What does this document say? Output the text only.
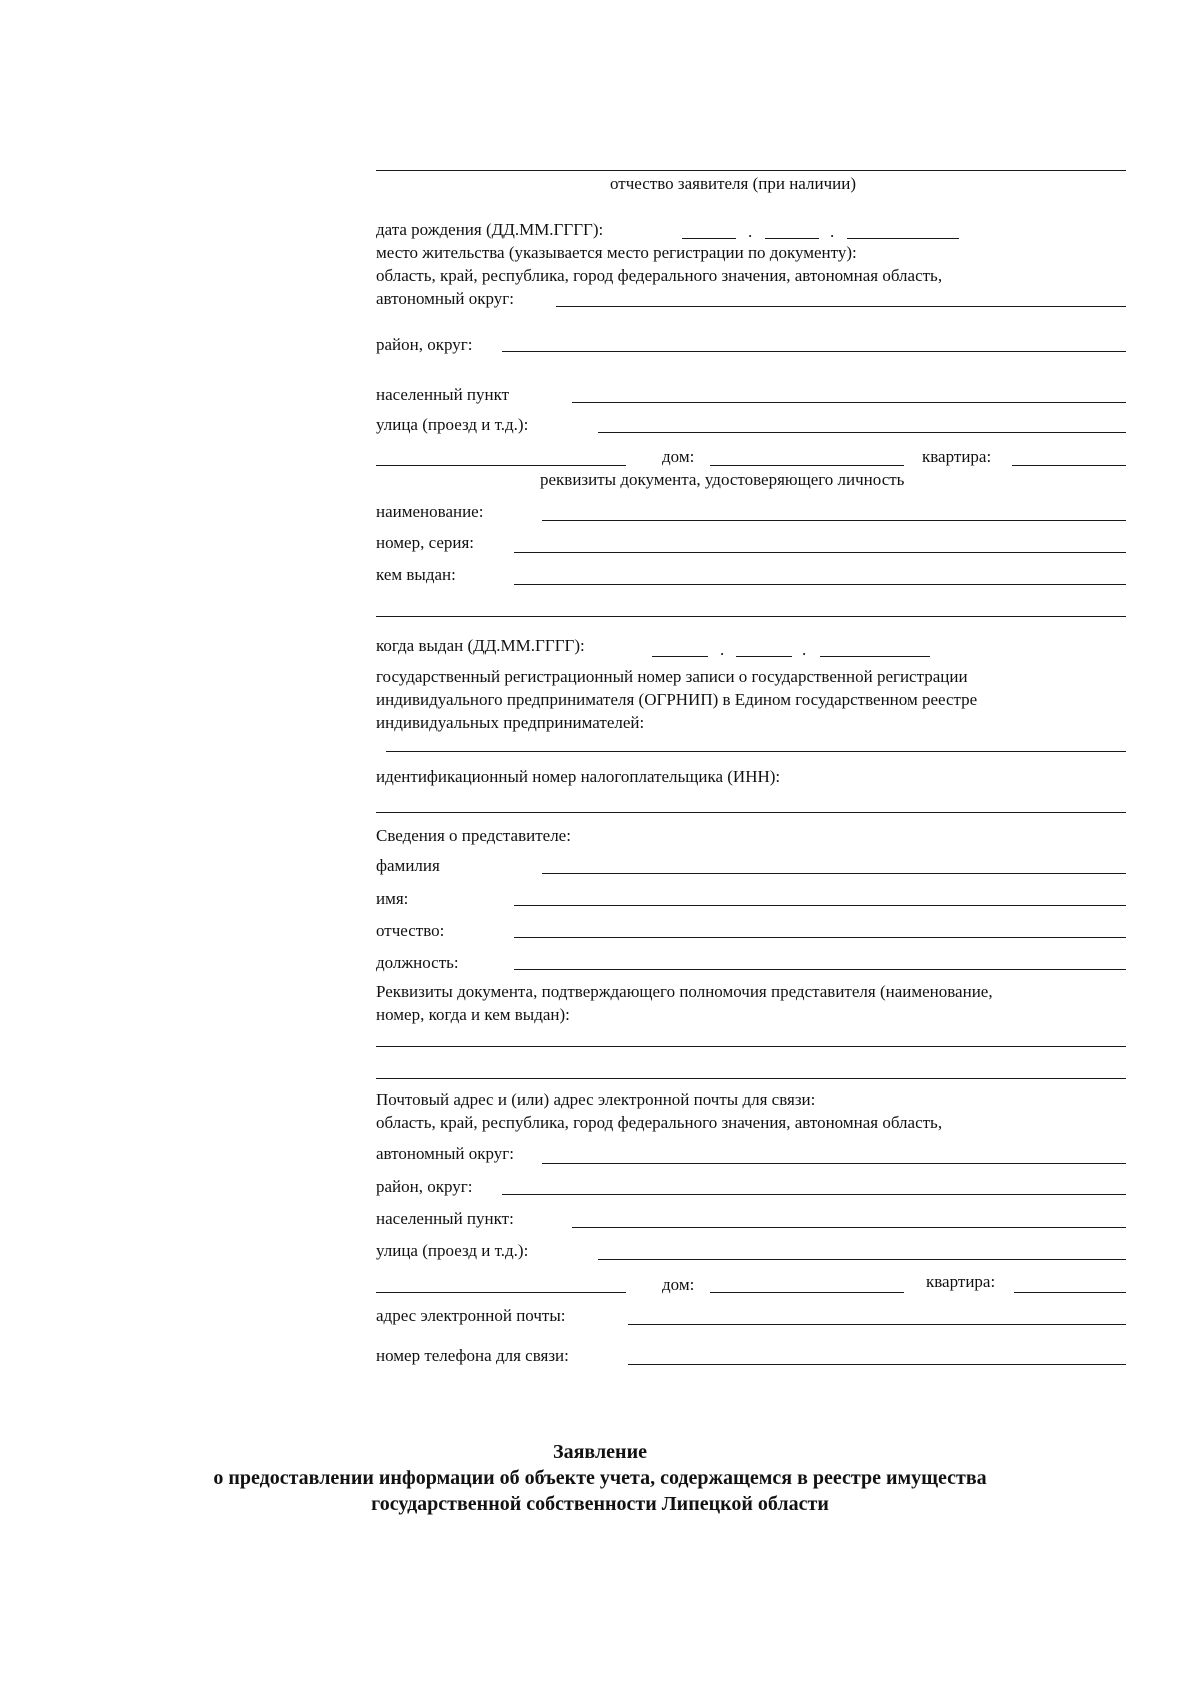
отчество заявителя (при наличии)
дата рождения (ДД.ММ.ГГГГ):	.	.
место жительства (указывается место регистрации по документу):
область, край, республика, город федерального значения, автономная область,
автономный округ:
район, округ:
населенный пункт
улица (проезд и т.д.):
дом:	квартира:
реквизиты документа, удостоверяющего личность
наименование:
номер, серия:
кем выдан:
когда выдан (ДД.ММ.ГГГГ):	.	.
государственный регистрационный номер записи о государственной регистрации
индивидуального предпринимателя (ОГРНИП) в Едином государственном реестре
индивидуальных предпринимателей:
идентификационный номер налогоплательщика (ИНН):
Сведения о представителе:
фамилия
имя:
отчество:
должность:
Реквизиты документа, подтверждающего полномочия представителя (наименование,
номер, когда и кем выдан):
Почтовый адрес и (или) адрес электронной почты для связи:
область, край, республика, город федерального значения, автономная область,
автономный округ:
район, округ:
населенный пункт:
улица (проезд и т.д.):
дом:	квартира:
адрес электронной почты:
номер телефона для связи:
Заявление
о предоставлении информации об объекте учета, содержащемся в реестре имущества
государственной собственности Липецкой области
